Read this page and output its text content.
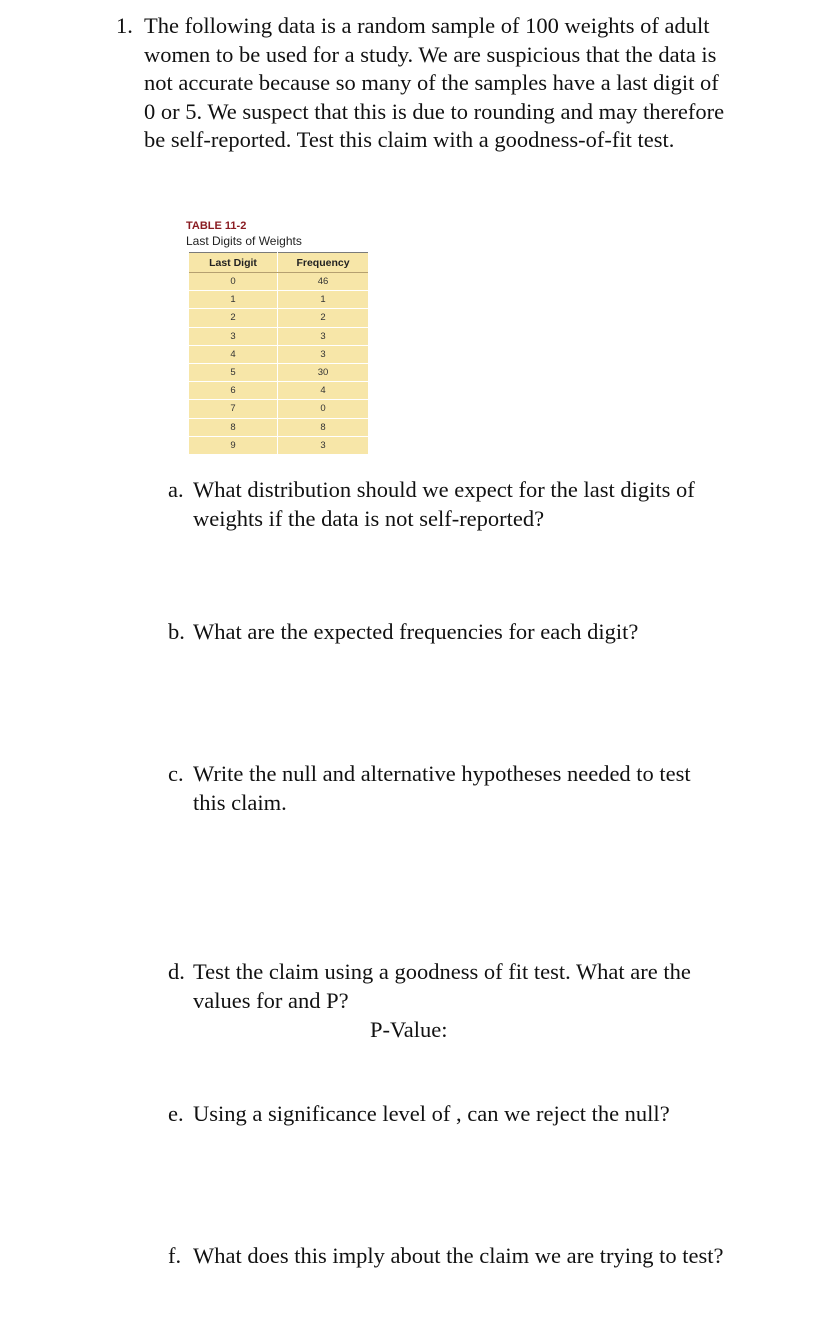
1. The following data is a random sample of 100 weights of adult women to be used for a study. We are suspicious that the data is not accurate because so many of the samples have a last digit of 0 or 5. We suspect that this is due to rounding and may therefore be self-reported. Test this claim with a goodness-of-fit test.
TABLE 11-2
Last Digits of Weights
Last Digit	Frequency
0	46
1	1
2	2
3	3
4	3
5	30
6	4
7	0
8	8
9	3
a. What distribution should we expect for the last digits of weights if the data is not self-reported?
b. What are the expected frequencies for each digit?
c. Write the null and alternative hypotheses needed to test this claim.
d. Test the claim using a goodness of fit test. What are the values for and P?
P-Value:
e. Using a significance level of , can we reject the null?
f. What does this imply about the claim we are trying to test?
